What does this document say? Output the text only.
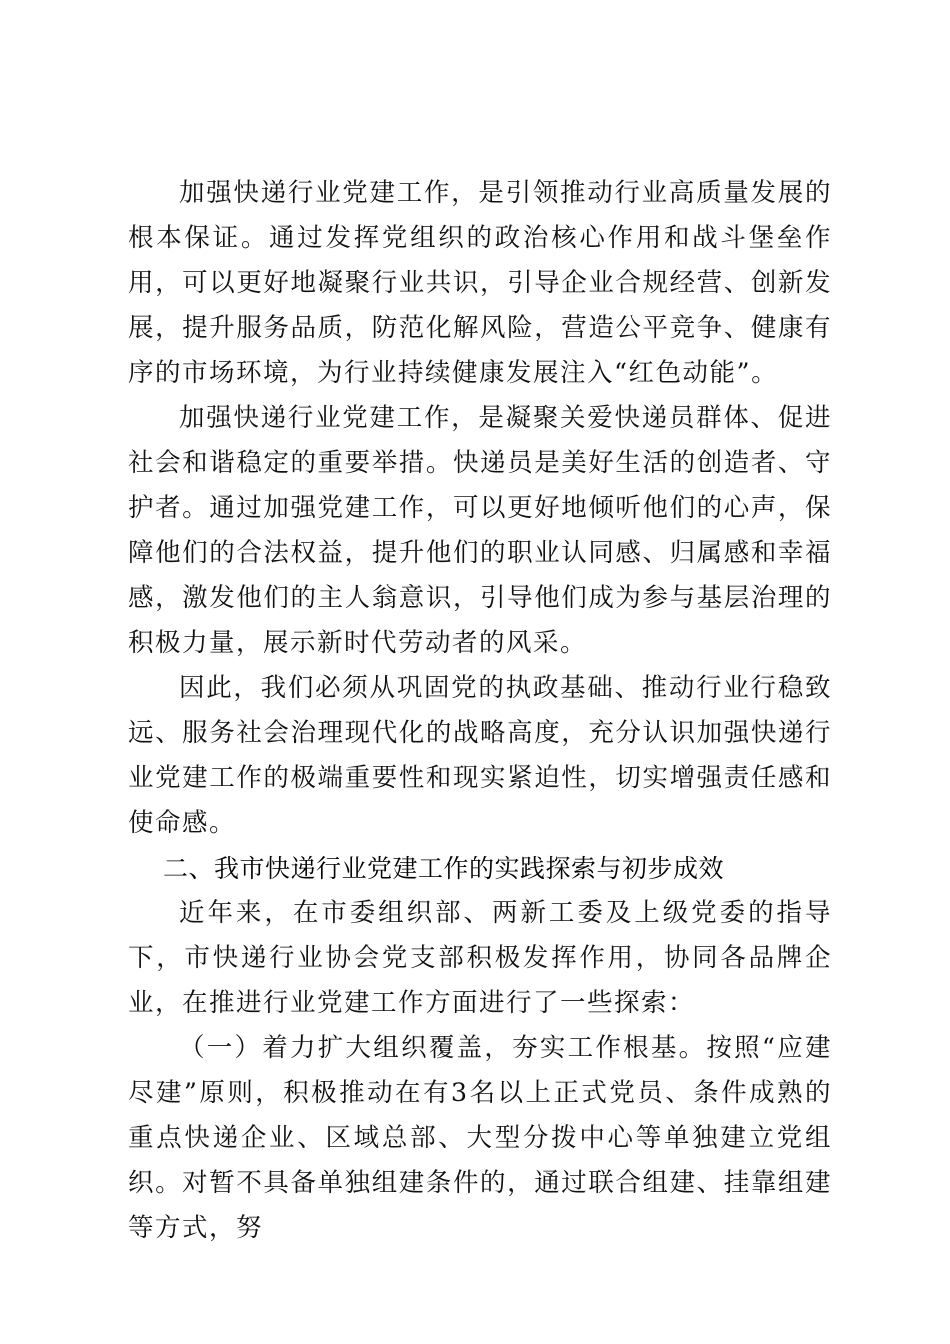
加强快递行业党建工作，是引领推动行业高质量发展的根本保证。通过发挥党组织的政治核心作用和战斗堡垒作用，可以更好地凝聚行业共识，引导企业合规经营、创新发展，提升服务品质，防范化解风险，营造公平竞争、健康有序的市场环境，为行业持续健康发展注入“红色动能”。

加强快递行业党建工作，是凝聚关爱快递员群体、促进社会和谐稳定的重要举措。快递员是美好生活的创造者、守护者。通过加强党建工作，可以更好地倾听他们的心声，保障他们的合法权益，提升他们的职业认同感、归属感和幸福感，激发他们的主人翁意识，引导他们成为参与基层治理的积极力量，展示新时代劳动者的风采。

因此，我们必须从巩固党的执政基础、推动行业行稳致远、服务社会治理现代化的战略高度，充分认识加强快递行业党建工作的极端重要性和现实紧迫性，切实增强责任感和使命感。

二、我市快递行业党建工作的实践探索与初步成效

近年来，在市委组织部、两新工委及上级党委的指导下，市快递行业协会党支部积极发挥作用，协同各品牌企业，在推进行业党建工作方面进行了一些探索：

（一）着力扩大组织覆盖，夯实工作根基。按照“应建尽建”原则，积极推动在有3名以上正式党员、条件成熟的重点快递企业、区域总部、大型分拨中心等单独建立党组织。对暂不具备单独组建条件的，通过联合组建、挂靠组建等方式，努
